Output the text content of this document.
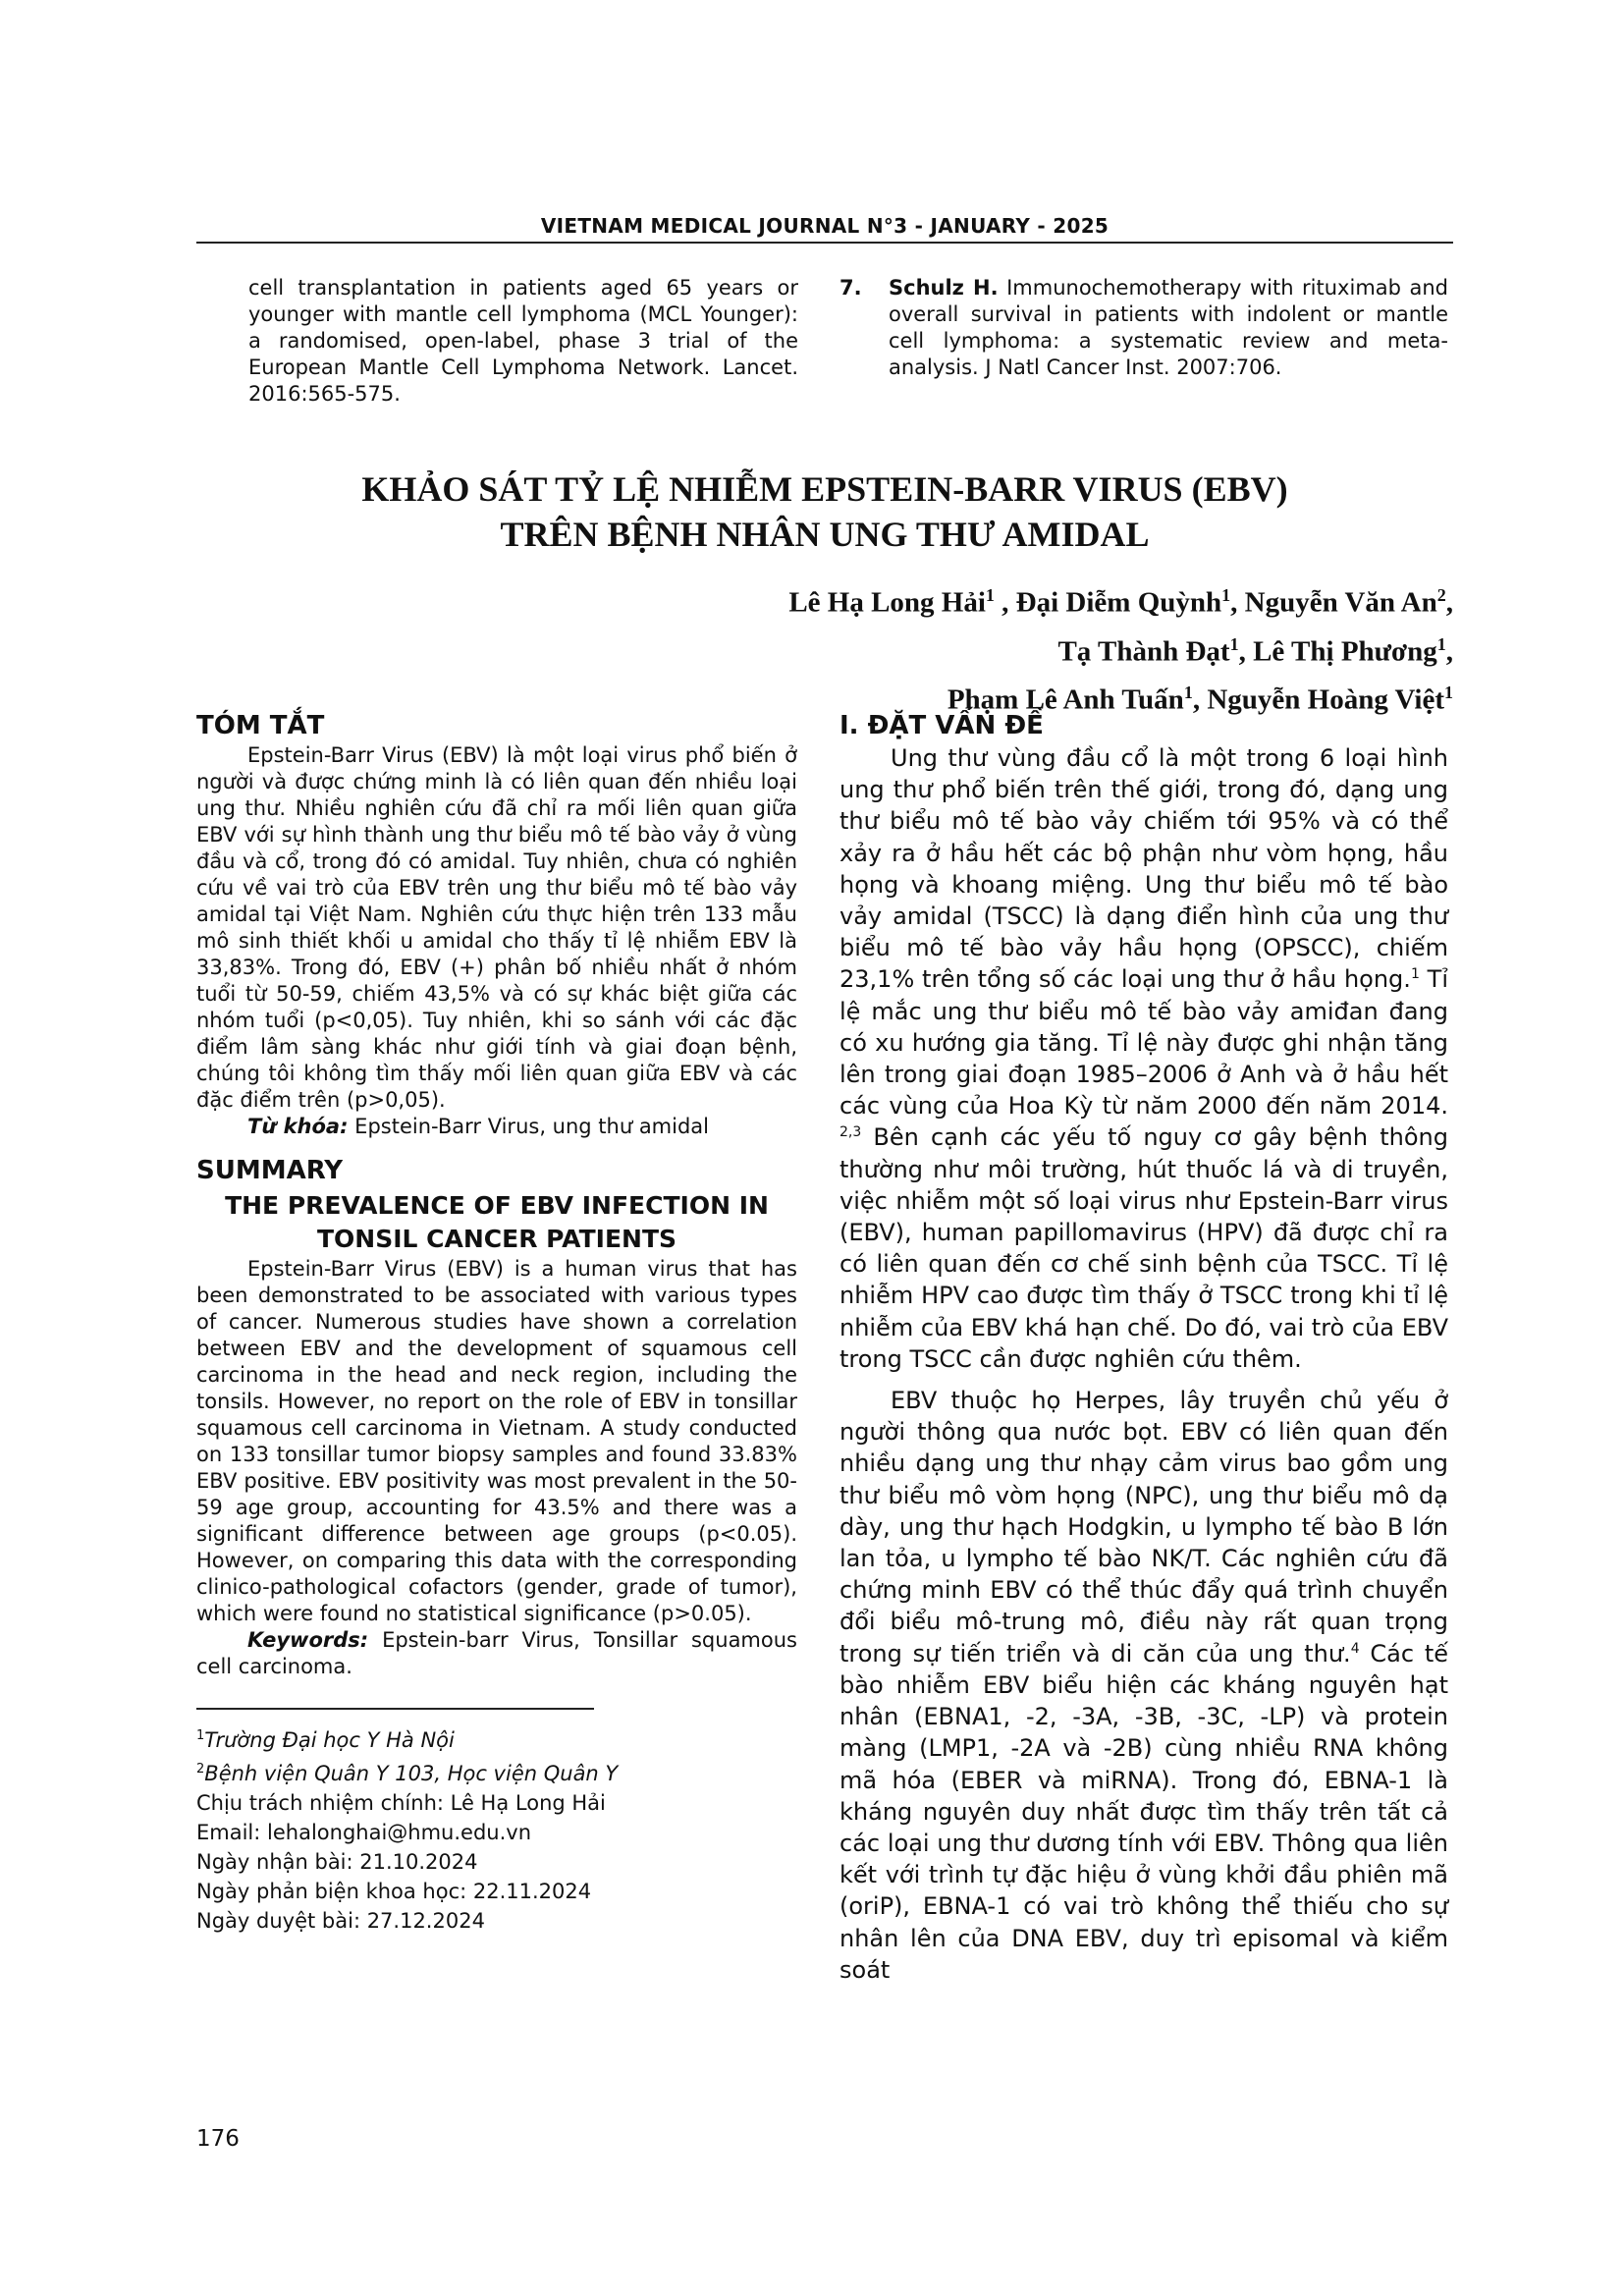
VIETNAM MEDICAL JOURNAL N°3 - JANUARY - 2025
cell transplantation in patients aged 65 years or younger with mantle cell lymphoma (MCL Younger): a randomised, open-label, phase 3 trial of the European Mantle Cell Lymphoma Network. Lancet. 2016:565-575.
7. Schulz H. Immunochemotherapy with rituximab and overall survival in patients with indolent or mantle cell lymphoma: a systematic review and meta-analysis. J Natl Cancer Inst. 2007:706.
KHẢO SÁT TỶ LỆ NHIỄM EPSTEIN-BARR VIRUS (EBV)
TRÊN BỆNH NHÂN UNG THƯ AMIDAL
Lê Hạ Long Hải$^1$ , Đại Diễm Quỳnh$^1$, Nguyễn Văn An$^2$,
Tạ Thành Đạt$^1$, Lê Thị Phương$^1$,
Phạm Lê Anh Tuấn$^1$, Nguyễn Hoàng Việt$^1$
TÓM TẮT

Epstein-Barr Virus (EBV) là một loại virus phổ biến ở người và được chứng minh là có liên quan đến nhiều loại ung thư. Nhiều nghiên cứu đã chỉ ra mối liên quan giữa EBV với sự hình thành ung thư biểu mô tế bào vảy ở vùng đầu và cổ, trong đó có amidal. Tuy nhiên, chưa có nghiên cứu về vai trò của EBV trên ung thư biểu mô tế bào vảy amidal tại Việt Nam. Nghiên cứu thực hiện trên 133 mẫu mô sinh thiết khối u amidal cho thấy tỉ lệ nhiễm EBV là 33,83%. Trong đó, EBV (+) phân bố nhiều nhất ở nhóm tuổi từ 50-59, chiếm 43,5% và có sự khác biệt giữa các nhóm tuổi (p<0,05). Tuy nhiên, khi so sánh với các đặc điểm lâm sàng khác như giới tính và giai đoạn bệnh, chúng tôi không tìm thấy mối liên quan giữa EBV và các đặc điểm trên (p>0,05).

Từ khóa: Epstein-Barr Virus, ung thư amidal

SUMMARY
THE PREVALENCE OF EBV INFECTION IN
TONSIL CANCER PATIENTS

Epstein-Barr Virus (EBV) is a human virus that has been demonstrated to be associated with various types of cancer. Numerous studies have shown a correlation between EBV and the development of squamous cell carcinoma in the head and neck region, including the tonsils. However, no report on the role of EBV in tonsillar squamous cell carcinoma in Vietnam. A study conducted on 133 tonsillar tumor biopsy samples and found 33.83% EBV positive. EBV positivity was most prevalent in the 50-59 age group, accounting for 43.5% and there was a significant difference between age groups (p<0.05). However, on comparing this data with the corresponding clinico-pathological cofactors (gender, grade of tumor), which were found no statistical significance (p>0.05).

Keywords: Epstein-barr Virus, Tonsillar squamous cell carcinoma.

$^1$Trường Đại học Y Hà Nội

$^2$Bệnh viện Quân Y 103, Học viện Quân Y

Chịu trách nhiệm chính: Lê Hạ Long Hải

Email: lehalonghai@hmu.edu.vn

Ngày nhận bài: 21.10.2024

Ngày phản biện khoa học: 22.11.2024

Ngày duyệt bài: 27.12.2024

I. ĐẶT VẤN ĐỀ

Ung thư vùng đầu cổ là một trong 6 loại hình ung thư phổ biến trên thế giới, trong đó, dạng ung thư biểu mô tế bào vảy chiếm tới 95% và có thể xảy ra ở hầu hết các bộ phận như vòm họng, hầu họng và khoang miệng. Ung thư biểu mô tế bào vảy amidal (TSCC) là dạng điển hình của ung thư biểu mô tế bào vảy hầu họng (OPSCC), chiếm 23,1% trên tổng số các loại ung thư ở hầu họng.$^1$ Tỉ lệ mắc ung thư biểu mô tế bào vảy amiđan đang có xu hướng gia tăng. Tỉ lệ này được ghi nhận tăng lên trong giai đoạn 1985–2006 ở Anh và ở hầu hết các vùng của Hoa Kỳ từ năm 2000 đến năm 2014. $^{2,3}$ Bên cạnh các yếu tố nguy cơ gây bệnh thông thường như môi trường, hút thuốc lá và di truyền, việc nhiễm một số loại virus như Epstein-Barr virus (EBV), human papillomavirus (HPV) đã được chỉ ra có liên quan đến cơ chế sinh bệnh của TSCC. Tỉ lệ nhiễm HPV cao được tìm thấy ở TSCC trong khi tỉ lệ nhiễm của EBV khá hạn chế. Do đó, vai trò của EBV trong TSCC cần được nghiên cứu thêm.

EBV thuộc họ Herpes, lây truyền chủ yếu ở người thông qua nước bọt. EBV có liên quan đến nhiều dạng ung thư nhạy cảm virus bao gồm ung thư biểu mô vòm họng (NPC), ung thư biểu mô dạ dày, ung thư hạch Hodgkin, u lympho tế bào B lớn lan tỏa, u lympho tế bào NK/T. Các nghiên cứu đã chứng minh EBV có thể thúc đẩy quá trình chuyển đổi biểu mô-trung mô, điều này rất quan trọng trong sự tiến triển và di căn của ung thư.$^4$ Các tế bào nhiễm EBV biểu hiện các kháng nguyên hạt nhân (EBNA1, -2, -3A, -3B, -3C, -LP) và protein màng (LMP1, -2A và -2B) cùng nhiều RNA không mã hóa (EBER và miRNA). Trong đó, EBNA-1 là kháng nguyên duy nhất được tìm thấy trên tất cả các loại ung thư dương tính với EBV. Thông qua liên kết với trình tự đặc hiệu ở vùng khởi đầu phiên mã (oriP), EBNA-1 có vai trò không thể thiếu cho sự nhân lên của DNA EBV, duy trì episomal và kiểm soát

176
